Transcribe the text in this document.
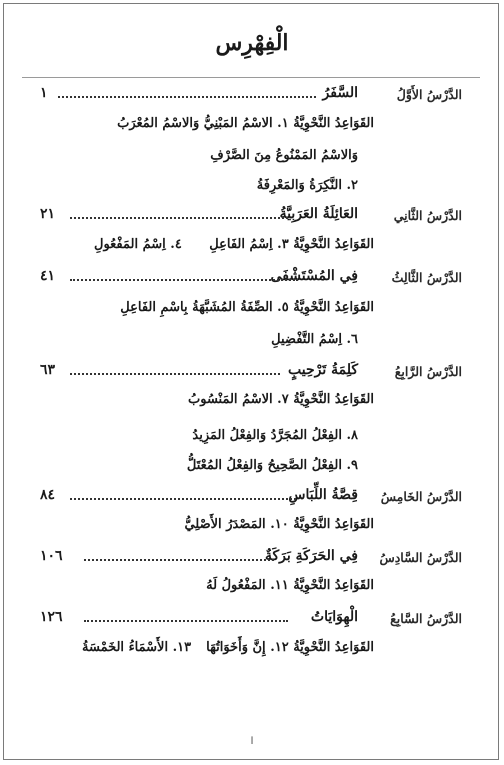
الْفِهْرِس
الدَّرْسُ الأَوَّلُ
السَّفَرُ
١
القَوَاعِدُ النَّحْوِيَّةُ ١. الاسْمُ المَبْنِيُّ وَالاسْمُ المُعْرَبُ
وَالاسْمُ المَمْنُوعُ مِنَ الصَّرْفِ
٢. النَّكِرَةُ وَالمَعْرِفَةُ
الدَّرْسُ الثَّانِي
العَائِلَةُ العَرَبِيَّةُ
٢١
القَوَاعِدُ النَّحْوِيَّةُ ٣. اِسْمُ الفَاعِلِ
٤. اِسْمُ المَفْعُولِ
الدَّرْسُ الثَّالِثُ
فِي المُسْتَشْفَى
٤١
القَوَاعِدُ النَّحْوِيَّةُ ٥. الصِّفَةُ المُشَبَّهَةُ بِاسْمِ الفَاعِلِ
٦. اِسْمُ التَّفْضِيلِ
الدَّرْسُ الرَّابِعُ
كَلِمَةُ تَرْحِيبٍ
٦٣
القَوَاعِدُ النَّحْوِيَّةُ ٧. الاسْمُ المَنْسُوبُ
٨. الفِعْلُ المُجَرَّدُ وَالفِعْلُ المَزِيدُ
٩. الفِعْلُ الصَّحِيحُ وَالفِعْلُ المُعْتَلُّ
الدَّرْسُ الخَامِسُ
قِصَّةُ اللِّبَاسِ
٨٤
القَوَاعِدُ النَّحْوِيَّةُ ١٠. المَصْدَرُ الأَصْلِيُّ
الدَّرْسُ السَّادِسُ
فِي الحَرَكَةِ بَرَكَةٌ
١٠٦
القَوَاعِدُ النَّحْوِيَّةُ ١١. المَفْعُولُ لَهُ
الدَّرْسُ السَّابِعُ
الْهِوَايَاتُ
١٢٦
القَوَاعِدُ النَّحْوِيَّةُ ١٢. إِنَّ وَأَخَوَاتُهَا
١٣. الأَسْمَاءُ الخَمْسَةُ
ا
